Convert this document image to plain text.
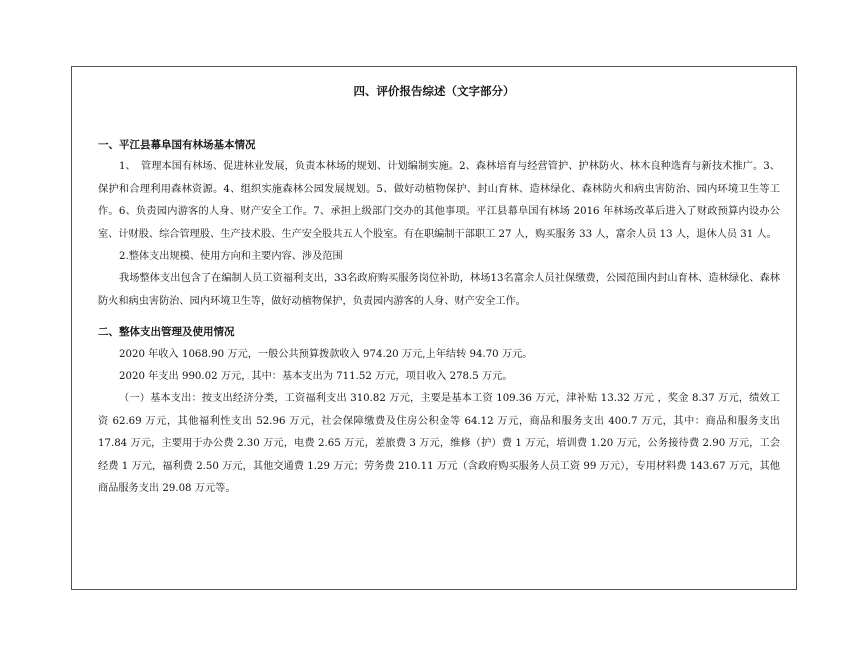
四、评价报告综述（文字部分）

一、平江县幕阜国有林场基本情况

1、　管理本国有林场、促进林业发展，负责本林场的规划、计划编制实施。2、森林培育与经营管护、护林防火、林木良种选育与新技术推广。3、保护和合理利用森林资源。4、组织实施森林公园发展规划。5、做好动植物保护、封山育林、造林绿化、森林防火和病虫害防治、园内环境卫生等工作。6、负责园内游客的人身、财产安全工作。7、承担上级部门交办的其他事项。平江县幕阜国有林场 2016 年林场改革后进入了财政预算内设办公室、计财股、综合管理股、生产技术股、生产安全股共五人个股室。有在职编制干部职工 27 人，购买服务 33 人，富余人员 13 人，退休人员 31 人。

2.整体支出规模、使用方向和主要内容、涉及范围

我场整体支出包含了在编制人员工资福利支出，33名政府购买服务岗位补助，林场13名富余人员社保缴费，公园范围内封山育林、造林绿化、森林防火和病虫害防治、园内环境卫生等，做好动植物保护，负责园内游客的人身、财产安全工作。

二、整体支出管理及使用情况

2020 年收入 1068.90 万元，一般公共预算拨款收入 974.20 万元,上年结转 94.70 万元。

2020 年支出 990.02 万元，其中：基本支出为 711.52 万元，项目收入 278.5 万元。

（一）基本支出：按支出经济分类，工资福利支出 310.82 万元，主要是基本工资 109.36 万元，津补贴 13.32 万元 ，奖金 8.37 万元，绩效工资 62.69 万元，其他福利性支出 52.96 万元，社会保障缴费及住房公积金等 64.12 万元，商品和服务支出 400.7 万元，其中：商品和服务支出 17.84 万元，主要用于办公费 2.30 万元，电费 2.65 万元，差旅费 3 万元，维修（护）费 1 万元，培训费 1.20 万元，公务接待费 2.90 万元，工会经费 1 万元，福利费 2.50 万元，其他交通费 1.29 万元；劳务费 210.11 万元（含政府购买服务人员工资 99 万元），专用材料费 143.67 万元，其他商品服务支出 29.08 万元等。
